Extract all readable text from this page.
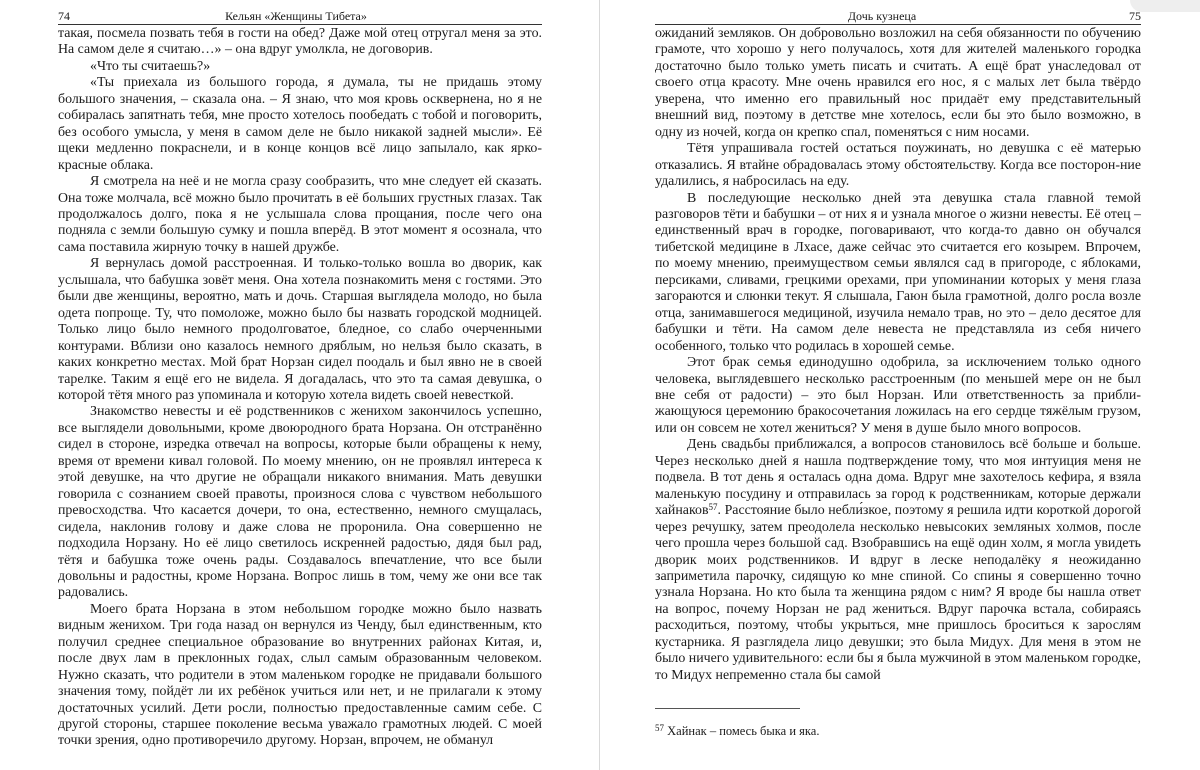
74	Кельян «Женщины Тибета»

такая, посмела позвать тебя в гости на обед? Даже мой отец отругал меня за это. На самом деле я считаю…» – она вдруг умолкла, не договорив.

«Что ты считаешь?»

«Ты приехала из большого города, я думала, ты не придашь этому большого значения, – сказала она. – Я знаю, что моя кровь осквернена, но я не собиралась запятнать тебя, мне просто хотелось пообедать с тобой и поговорить, без особого умысла, у меня в самом деле не было никакой задней мысли». Её щеки медленно покраснели, и в конце концов всё лицо запылало, как ярко-красные облака.

Я смотрела на неё и не могла сразу сообразить, что мне следует ей сказать. Она тоже молчала, всё можно было прочитать в её больших грустных глазах. Так продолжалось долго, пока я не услышала слова прощания, после чего она подняла с земли большую сумку и пошла вперёд. В этот момент я осознала, что сама поставила жирную точку в нашей дружбе.

Я вернулась домой расстроенная. И только-только вошла во дворик, как услышала, что бабушка зовёт меня. Она хотела познакомить меня с гостями. Это были две женщины, вероятно, мать и дочь. Старшая выглядела молодо, но была одета попроще. Ту, что помоложе, можно было бы назвать городской модницей. Только лицо было немного продолговатое, бледное, со слабо очерченными контурами. Вблизи оно казалось немного дряблым, но нельзя было сказать, в каких конкретно местах. Мой брат Норзан сидел поодаль и был явно не в своей тарелке. Таким я ещё его не видела. Я догадалась, что это та самая девушка, о которой тётя много раз упоминала и которую хотела видеть своей невесткой.

Знакомство невесты и её родственников с женихом закончилось успешно, все выглядели довольными, кроме двоюродного брата Норзана. Он отстранённо сидел в стороне, изредка отвечал на вопросы, которые были обращены к нему, время от времени кивал головой. По моему мнению, он не проявлял интереса к этой девушке, на что другие не обращали никакого внимания. Мать девушки говорила с сознанием своей правоты, произнося слова с чувством небольшого превосходства. Что касается дочери, то она, естественно, немного смущалась, сидела, наклонив голову и даже слова не проронила. Она совершенно не подходила Норзану. Но её лицо светилось искренней радостью, дядя был рад, тётя и бабушка тоже очень рады. Создавалось впечатление, что все были довольны и радостны, кроме Норзана. Вопрос лишь в том, чему же они все так радовались.

Моего брата Норзана в этом небольшом городке можно было назвать видным женихом. Три года назад он вернулся из Ченду, был единственным, кто получил среднее специальное образование во внутренних районах Китая, и, после двух лам в преклонных годах, слыл самым образованным человеком. Нужно сказать, что родители в этом маленьком городке не придавали большого значения тому, пойдёт ли их ребёнок учиться или нет, и не прилагали к этому достаточных усилий. Дети росли, полностью предоставленные самим себе. С другой стороны, старшее поколение весьма уважало грамотных людей. С моей точки зрения, одно противоречило другому. Норзан, впрочем, не обманул

Дочь кузнеца	75

ожиданий земляков. Он добровольно возложил на себя обязанности по обучению грамоте, что хорошо у него получалось, хотя для жителей маленького городка достаточно было только уметь писать и считать. А ещё брат унаследовал от своего отца красоту. Мне очень нравился его нос, я с малых лет была твёрдо уверена, что именно его правильный нос придаёт ему представительный внешний вид, поэтому в детстве мне хотелось, если бы это было возможно, в одну из ночей, когда он крепко спал, поменяться с ним носами.

Тётя упрашивала гостей остаться поужинать, но девушка с её матерью отказались. Я втайне обрадовалась этому обстоятельству. Когда все посторон-ние удалились, я набросилась на еду.

В последующие несколько дней эта девушка стала главной темой разговоров тёти и бабушки – от них я и узнала многое о жизни невесты. Её отец – единственный врач в городке, поговаривают, что когда-то давно он обучался тибетской медицине в Лхасе, даже сейчас это считается его козырем. Впрочем, по моему мнению, преимуществом семьи являлся сад в пригороде, с яблоками, персиками, сливами, грецкими орехами, при упоминании которых у меня глаза загораются и слюнки текут. Я слышала, Гаюн была грамотной, долго росла возле отца, занимавшегося медициной, изучила немало трав, но это – дело десятое для бабушки и тёти. На самом деле невеста не представляла из себя ничего особенного, только что родилась в хорошей семье.

Этот брак семья единодушно одобрила, за исключением только одного человека, выглядевшего несколько расстроенным (по меньшей мере он не был вне себя от радости) – это был Норзан. Или ответственность за прибли-жающуюся церемонию бракосочетания ложилась на его сердце тяжёлым грузом, или он совсем не хотел жениться? У меня в душе было много вопросов.

День свадьбы приближался, а вопросов становилось всё больше и больше. Через несколько дней я нашла подтверждение тому, что моя интуиция меня не подвела. В тот день я осталась одна дома. Вдруг мне захотелось кефира, я взяла маленькую посудину и отправилась за город к родственникам, которые держали хайнаков$^{57}$. Расстояние было небли́зкое, поэтому я решила идти короткой дорогой через речушку, затем преодолела несколько невысоких земляных холмов, после чего прошла через большой сад. Взобравшись на ещё один холм, я могла увидеть дворик моих родственников. И вдруг в леске неподалёку я неожиданно заприметила парочку, сидящую ко мне спиной. Со спины я совершенно точно узнала Норзана. Но кто была та женщина рядом с ним? Я вроде бы нашла ответ на вопрос, почему Норзан не рад жениться. Вдруг парочка встала, собираясь расходиться, поэтому, чтобы укрыться, мне пришлось броситься к зарослям кустарника. Я разглядела лицо девушки; это была Мидух. Для меня в этом не было ничего удивительного: если бы я была мужчиной в этом маленьком городке, то Мидух непременно стала бы самой

$^{57}$ Хайнак – помесь быка и яка.
